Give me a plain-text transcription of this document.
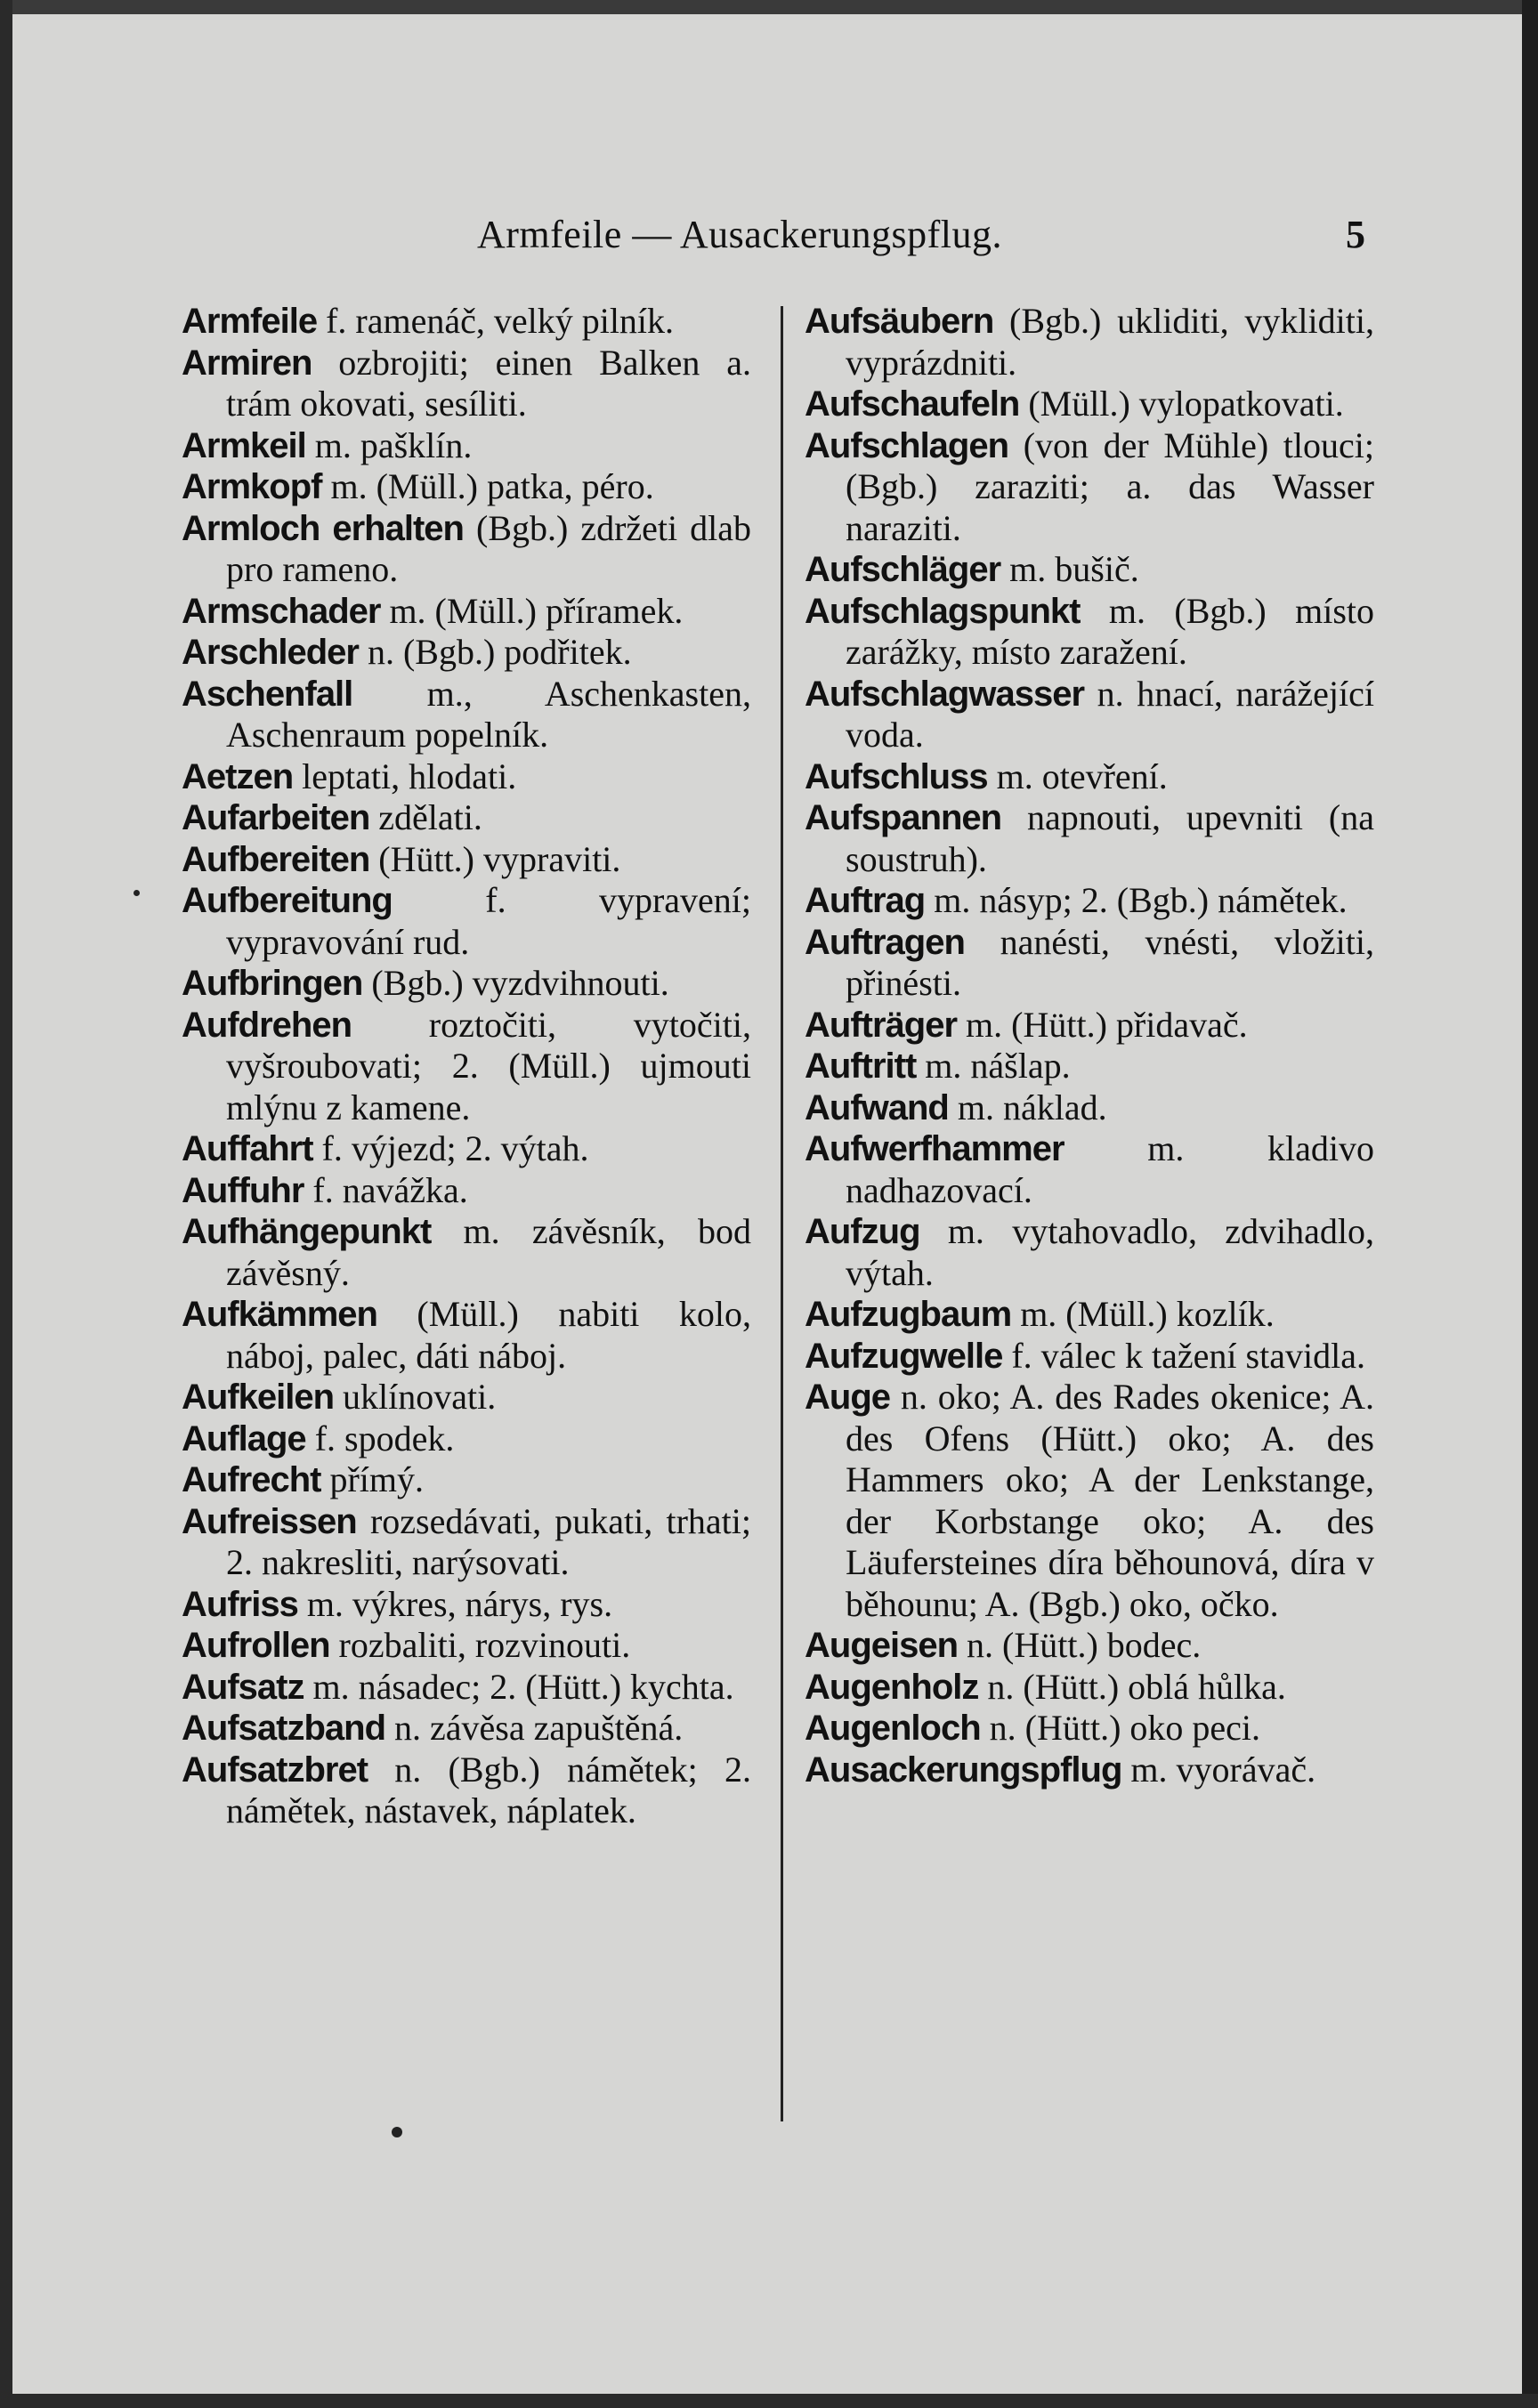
Armfeile — Ausackerungspflug.	5

Armfeile f. ramenáč, velký pilník.

Armiren ozbrojiti; einen Balken a. trám okovati, sesíliti.

Armkeil m. pašklín.

Armkopf m. (Müll.) patka, péro.

Armloch erhalten (Bgb.) zdržeti dlab pro rameno.

Armschader m. (Müll.) příramek.

Arschleder n. (Bgb.) podřitek.

Aschenfall m., Aschenkasten, Aschenraum popelník.

Aetzen leptati, hlodati.

Aufarbeiten zdělati.

Aufbereiten (Hütt.) vypraviti.

Aufbereitung f. vypravení; vypravování rud.

Aufbringen (Bgb.) vyzdvihnouti.

Aufdrehen roztočiti, vytočiti, vyšroubovati; 2. (Müll.) ujmouti mlýnu z kamene.

Auffahrt f. výjezd; 2. výtah.

Auffuhr f. navážka.

Aufhängepunkt m. závěsník, bod závěsný.

Aufkämmen (Müll.) nabiti kolo, náboj, palec, dáti náboj.

Aufkeilen uklínovati.

Auflage f. spodek.

Aufrecht přímý.

Aufreissen rozsedávati, pukati, trhati; 2. nakresliti, narýsovati.

Aufriss m. výkres, nárys, rys.

Aufrollen rozbaliti, rozvinouti.

Aufsatz m. násadec; 2. (Hütt.) kychta.

Aufsatzband n. závěsa zapuštěná.

Aufsatzbret n. (Bgb.) námětek; 2. námětek, nástavek, náplatek.

Aufsäubern (Bgb.) ukliditi, vykliditi, vyprázdniti.

Aufschaufeln (Müll.) vylopatkovati.

Aufschlagen (von der Mühle) tlouci; (Bgb.) zaraziti; a. das Wasser naraziti.

Aufschläger m. bušič.

Aufschlagspunkt m. (Bgb.) místo zarážky, místo zaražení.

Aufschlagwasser n. hnací, narážející voda.

Aufschluss m. otevření.

Aufspannen napnouti, upevniti (na soustruh).

Auftrag m. násyp; 2. (Bgb.) námětek.

Auftragen nanésti, vnésti, vložiti, přinésti.

Aufträger m. (Hütt.) přidavač.

Auftritt m. nášlap.

Aufwand m. náklad.

Aufwerfhammer m. kladivo nadhazovací.

Aufzug m. vytahovadlo, zdvihadlo, výtah.

Aufzugbaum m. (Müll.) kozlík.

Aufzugwelle f. válec k tažení stavidla.

Auge n. oko; A. des Rades okenice; A. des Ofens (Hütt.) oko; A. des Hammers oko; A der Lenkstange, der Korbstange oko; A. des Läufersteines díra běhounová, díra v běhounu; A. (Bgb.) oko, očko.

Augeisen n. (Hütt.) bodec.

Augenholz n. (Hütt.) oblá hůlka.

Augenloch n. (Hütt.) oko peci.

Ausackerungspflug m. vyorávač.
